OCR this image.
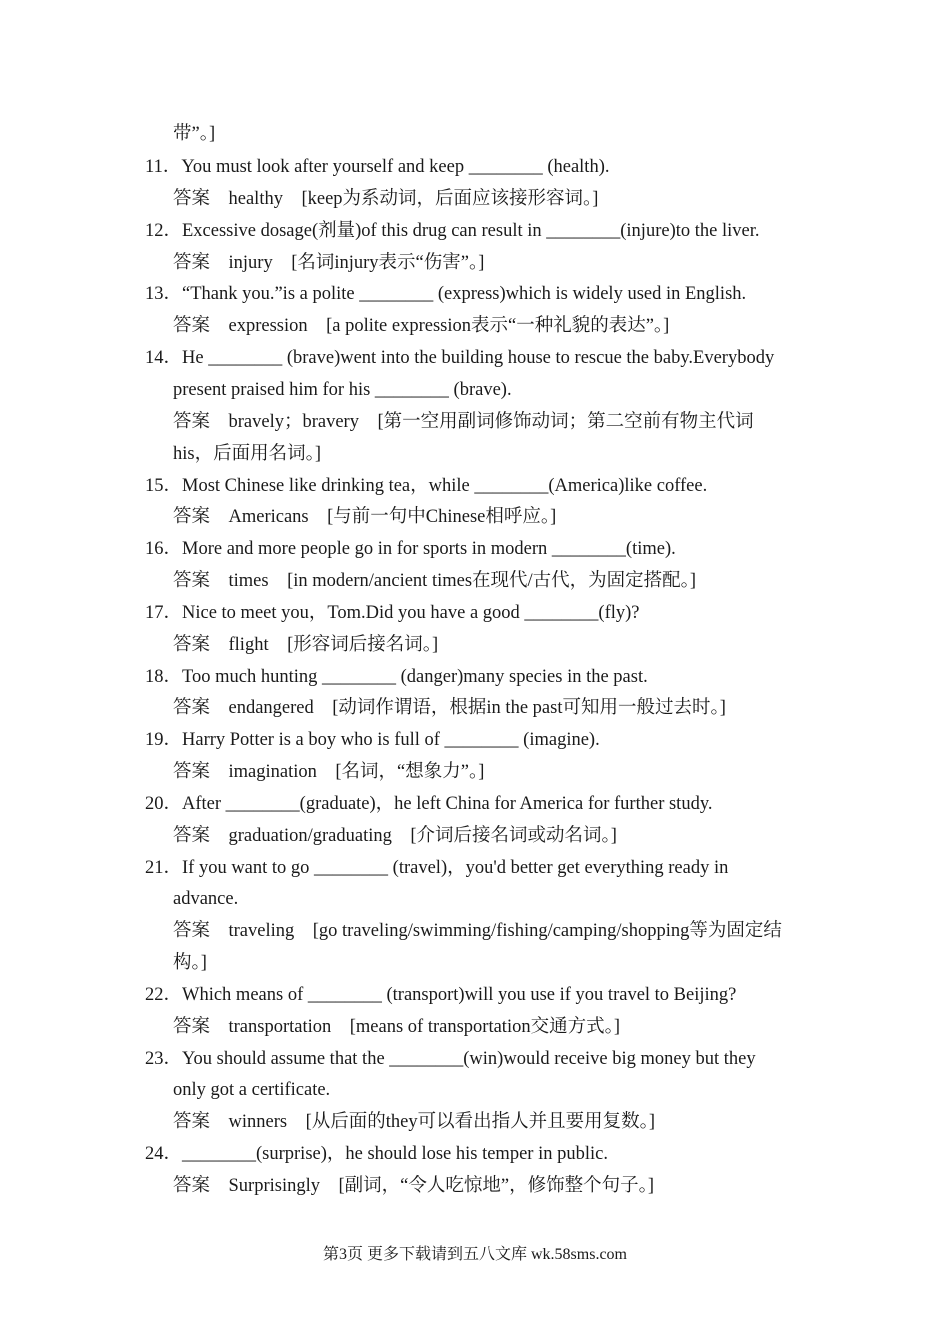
带”。]
11．You must look after yourself and keep ________ (health).
答案　healthy　[keep为系动词，后面应该接形容词。]
12．Excessive dosage(剂量)of this drug can result in ________(injure)to the liver.
答案　injury　[名词injury表示“伤害”。]
13．“Thank you.”is a polite ________ (express)which is widely used in English.
答案　expression　[a polite expression表示“一种礼貌的表达”。]
14．He ________ (brave)went into the building house to rescue the baby.Everybody
present praised him for his ________ (brave).
答案　bravely；bravery　[第一空用副词修饰动词；第二空前有物主代词
his，后面用名词。]
15．Most Chinese like drinking tea，while ________(America)like coffee.
答案　Americans　[与前一句中Chinese相呼应。]
16．More and more people go in for sports in modern ________(time).
答案　times　[in modern/ancient times在现代/古代，为固定搭配。]
17．Nice to meet you，Tom.Did you have a good ________(fly)?
答案　flight　[形容词后接名词。]
18．Too much hunting ________ (danger)many species in the past.
答案　endangered　[动词作谓语，根据in the past可知用一般过去时。]
19．Harry Potter is a boy who is full of ________ (imagine).
答案　imagination　[名词，“想象力”。]
20．After ________(graduate)，he left China for America for further study.
答案　graduation/graduating　[介词后接名词或动名词。]
21．If you want to go ________ (travel)，you'd better get everything ready in
advance.
答案　traveling　[go traveling/swimming/fishing/camping/shopping等为固定结
构。]
22．Which means of ________ (transport)will you use if you travel to Beijing?
答案　transportation　[means of transportation交通方式。]
23．You should assume that the ________(win)would receive big money but they
only got a certificate.
答案　winners　[从后面的they可以看出指人并且要用复数。]
24．________(surprise)，he should lose his temper in public.
答案　Surprisingly　[副词，“令人吃惊地”，修饰整个句子。]
第3页 更多下载请到五八文库 wk.58sms.com
